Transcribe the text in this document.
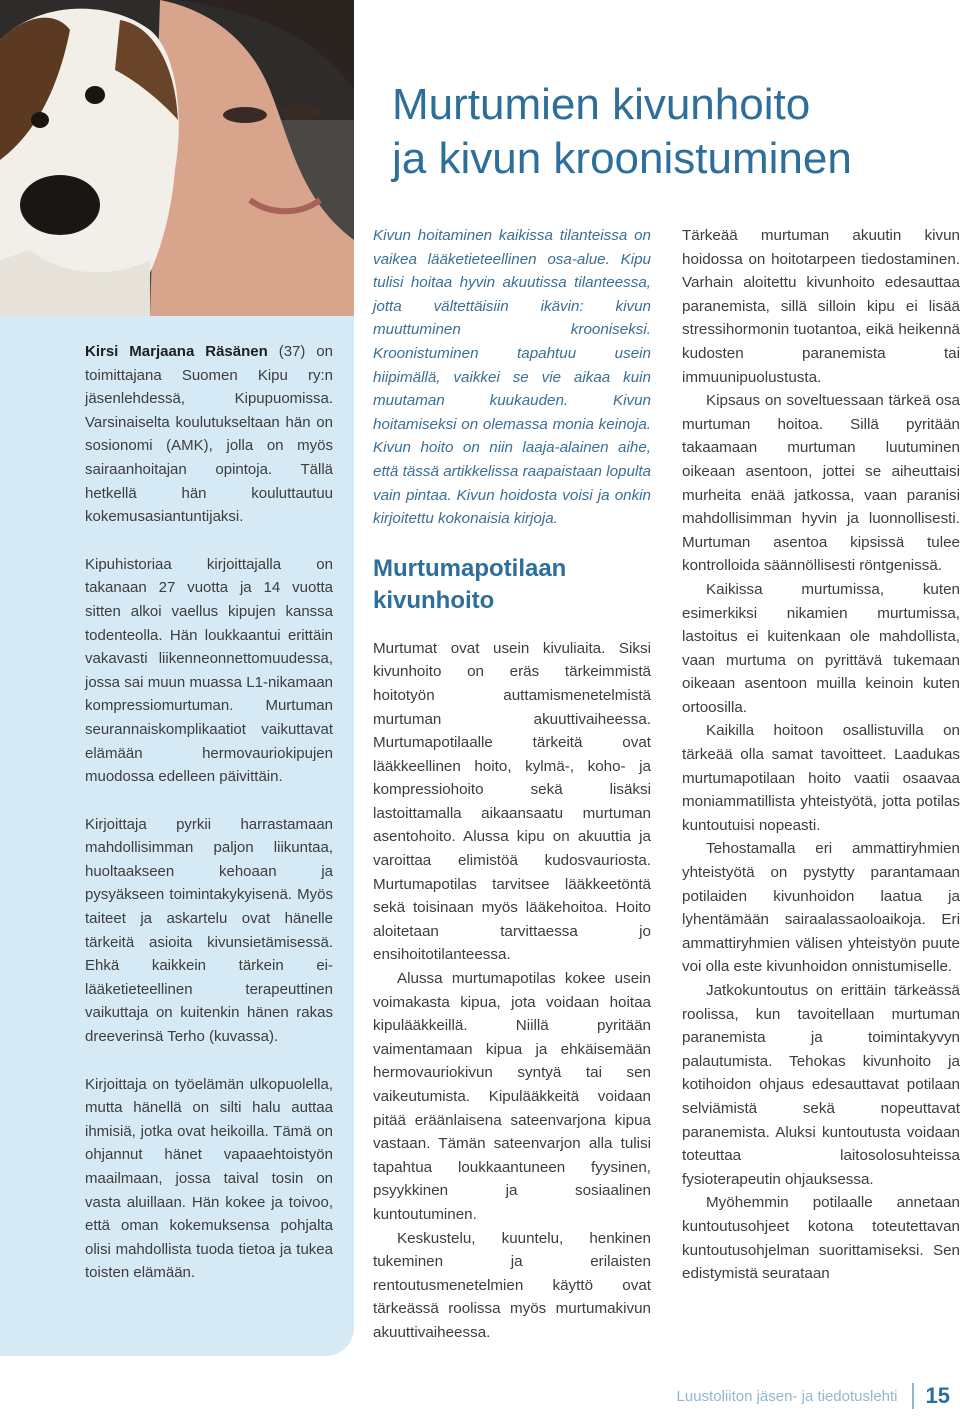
Kirsi Marjaana Räsänen (37) on toimittajana Suomen Kipu ry:n jäsenlehdessä, Kipupuomissa. Varsinaiselta koulutukseltaan hän on sosionomi (AMK), jolla on myös sairaanhoitajan opintoja. Tällä hetkellä hän kouluttautuu kokemusasiantuntijaksi.

Kipuhistoriaa kirjoittajalla on takanaan 27 vuotta ja 14 vuotta sitten alkoi vaellus kipujen kanssa todenteolla. Hän loukkaantui erittäin vakavasti liikenneonnettomuudessa, jossa sai muun muassa L1-nikamaan kompressiomurtuman. Murtuman seurannaiskomplikaatiot vaikuttavat elämään hermovauriokipujen muodossa edelleen päivittäin.

Kirjoittaja pyrkii harrastamaan mahdollisimman paljon liikuntaa, huoltaakseen kehoaan ja pysyäkseen toimintakykyisenä. Myös taiteet ja askartelu ovat hänelle tärkeitä asioita kivunsietämisessä. Ehkä kaikkein tärkein ei-lääketieteellinen terapeuttinen vaikuttaja on kuitenkin hänen rakas dreeverinsä Terho (kuvassa).

Kirjoittaja on työelämän ulkopuolella, mutta hänellä on silti halu auttaa ihmisiä, jotka ovat heikoilla. Tämä on ohjannut hänet vapaaehtoistyön maailmaan, jossa taival tosin on vasta aluillaan. Hän kokee ja toivoo, että oman kokemuksensa pohjalta olisi mahdollista tuoda tietoa ja tukea toisten elämään.

Murtumien kivunhoito
ja kivun kroonistuminen

Kivun hoitaminen kaikissa tilanteissa on vaikea lääketieteellinen osa-alue. Kipu tulisi hoitaa hyvin akuutissa tilanteessa, jotta vältettäisiin ikävin: kivun muuttuminen krooniseksi. Kroonistuminen tapahtuu usein hiipimällä, vaikkei se vie aikaa kuin muutaman kuukauden. Kivun hoitamiseksi on olemassa monia keinoja. Kivun hoito on niin laaja-alainen aihe, että tässä artikkelissa raapaistaan lopulta vain pintaa. Kivun hoidosta voisi ja onkin kirjoitettu kokonaisia kirjoja.

Murtumapotilaan kivunhoito

Murtumat ovat usein kivuliaita. Siksi kivunhoito on eräs tärkeimmistä hoitotyön auttamismenetelmistä murtuman akuuttivaiheessa. Murtumapotilaalle tärkeitä ovat lääkkeellinen hoito, kylmä-, koho- ja kompressiohoito sekä lisäksi lastoittamalla aikaansaatu murtuman asentohoito. Alussa kipu on akuuttia ja varoittaa elimistöä kudosvauriosta. Murtumapotilas tarvitsee lääkkeetöntä sekä toisinaan myös lääkehoitoa. Hoito aloitetaan tarvittaessa jo ensihoitotilanteessa.

Alussa murtumapotilas kokee usein voimakasta kipua, jota voidaan hoitaa kipulääkkeillä. Niillä pyritään vaimentamaan kipua ja ehkäisemään hermovauriokivun syntyä tai sen vaikeutumista. Kipulääkkeitä voidaan pitää eräänlaisena sateenvarjona kipua vastaan. Tämän sateenvarjon alla tulisi tapahtua loukkaantuneen fyysinen, psyykkinen ja sosiaalinen kuntoutuminen.

Keskustelu, kuuntelu, henkinen tukeminen ja erilaisten rentoutusmenetelmien käyttö ovat tärkeässä roolissa myös murtumakivun akuuttivaiheessa.

Tärkeää murtuman akuutin kivun hoidossa on hoitotarpeen tiedostaminen. Varhain aloitettu kivunhoito edesauttaa paranemista, sillä silloin kipu ei lisää stressihormonin tuotantoa, eikä heikennä kudosten paranemista tai immuunipuolustusta.

Kipsaus on soveltuessaan tärkeä osa murtuman hoitoa. Sillä pyritään takaamaan murtuman luutuminen oikeaan asentoon, jottei se aiheuttaisi murheita enää jatkossa, vaan paranisi mahdollisimman hyvin ja luonnollisesti. Murtuman asentoa kipsissä tulee kontrolloida säännöllisesti röntgenissä.

Kaikissa murtumissa, kuten esimerkiksi nikamien murtumissa, lastoitus ei kuitenkaan ole mahdollista, vaan murtuma on pyrittävä tukemaan oikeaan asentoon muilla keinoin kuten ortoosilla.

Kaikilla hoitoon osallistuvilla on tärkeää olla samat tavoitteet. Laadukas murtumapotilaan hoito vaatii osaavaa moniammatillista yhteistyötä, jotta potilas kuntoutuisi nopeasti.

Tehostamalla eri ammattiryhmien yhteistyötä on pystytty parantamaan potilaiden kivunhoidon laatua ja lyhentämään sairaalassaoloaikoja. Eri ammattiryhmien välisen yhteistyön puute voi olla este kivunhoidon onnistumiselle.

Jatkokuntoutus on erittäin tärkeässä roolissa, kun tavoitellaan murtuman paranemista ja toimintakyvyn palautumista. Tehokas kivunhoito ja kotihoidon ohjaus edesauttavat potilaan selviämistä sekä nopeuttavat paranemista. Aluksi kuntoutusta voidaan toteuttaa laitosolosuhteissa fysioterapeutin ohjauksessa.

Myöhemmin potilaalle annetaan kuntoutusohjeet kotona toteutettavan kuntoutusohjelman suorittamiseksi. Sen edistymistä seurataan

Luustoliiton jäsen- ja tiedotuslehti 15
